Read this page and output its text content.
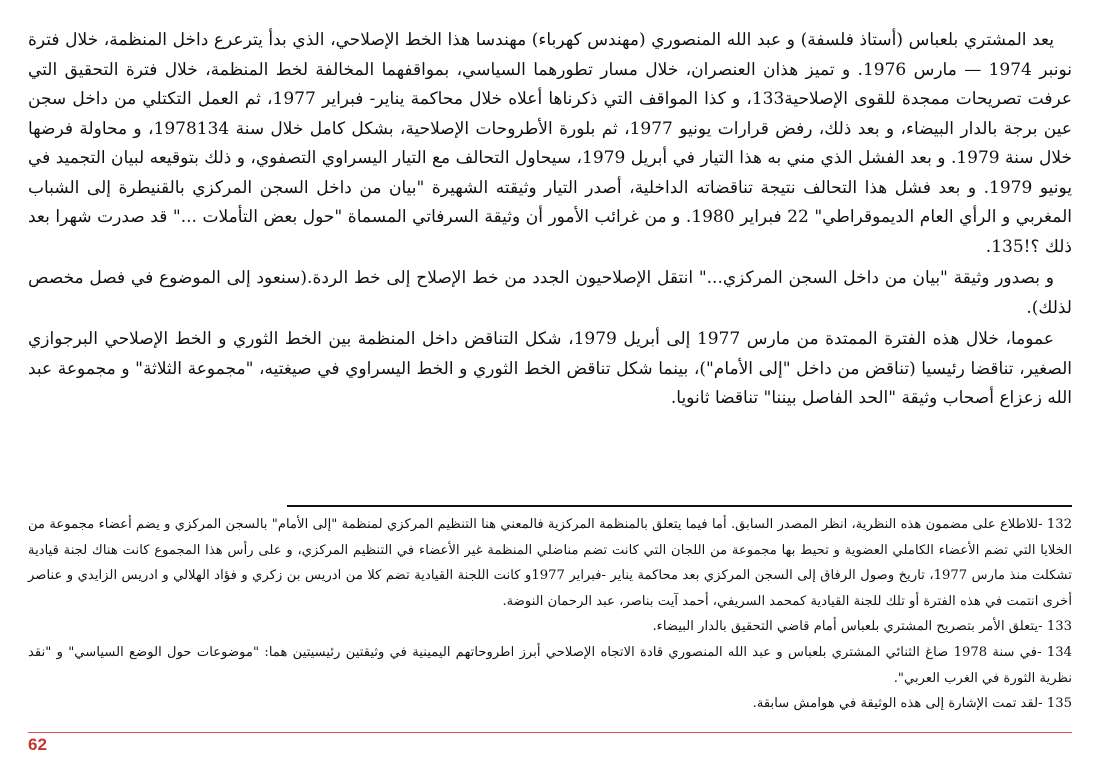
يعد المشتري بلعباس (أستاذ فلسفة) و عبد الله المنصوري (مهندس كهرباء) مهندسا هذا الخط الإصلاحي، الذي بدأ يترعرع داخل المنظمة، خلال فترة نونبر 1974 — مارس 1976. و تميز هذان العنصران، خلال مسار تطورهما السياسي، بمواقفهما المخالفة لخط المنظمة، خلال فترة التحقيق التي عرفت تصريحات ممجدة للقوى الإصلاحية133، و كذا المواقف التي ذكرناها أعلاه خلال محاكمة يناير- فبراير 1977، ثم العمل التكتلي من داخل سجن عين برجة بالدار البيضاء، و بعد ذلك، رفض قرارات يونيو 1977، ثم بلورة الأطروحات الإصلاحية، بشكل كامل خلال سنة 1978134، و محاولة فرضها خلال سنة 1979. و بعد الفشل الذي مني به هذا التيار في أبريل 1979، سيحاول التحالف مع التيار اليسراوي التصفوي، و ذلك بتوقيعه لبيان التجميد في يونيو 1979. و بعد فشل هذا التحالف نتيجة تناقضاته الداخلية، أصدر التيار وثيقته الشهيرة "بيان من داخل السجن المركزي بالقنيطرة إلى الشباب المغربي و الرأي العام الديموقراطي" 22 فبراير 1980. و من غرائب الأمور أن وثيقة السرفاتي المسماة "حول بعض التأملات ..." قد صدرت شهرا بعد ذلك ؟!135.

و بصدور وثيقة "بيان من داخل السجن المركزي..." انتقل الإصلاحيون الجدد من خط الإصلاح إلى خط الردة.(سنعود إلى الموضوع في فصل مخصص لذلك).

عموما، خلال هذه الفترة الممتدة من مارس 1977 إلى أبريل 1979، شكل التناقض داخل المنظمة بين الخط الثوري و الخط الإصلاحي البرجوازي الصغير، تناقضا رئيسيا (تناقض من داخل "إلى الأمام")، بينما شكل تناقض الخط الثوري و الخط اليسراوي في صيغتيه، "مجموعة الثلاثة" و مجموعة عبد الله زعزاع أصحاب وثيقة "الحد الفاصل بيننا" تناقضا ثانويا.

132 -للاطلاع على مضمون هذه النظرية، انظر المصدر السابق. أما فيما يتعلق بالمنظمة المركزية فالمعني هنا التنظيم المركزي لمنظمة "إلى الأمام" بالسجن المركزي و يضم أعضاء مجموعة من الخلايا التي تضم الأعضاء الكاملي العضوية و تحيط بها مجموعة من اللجان التي كانت تضم مناضلي المنظمة غير الأعضاء في التنظيم المركزي، و على رأس هذا المجموع كانت هناك لجنة قيادية تشكلت منذ مارس 1977، تاريخ وصول الرفاق إلى السجن المركزي بعد محاكمة يناير -فبراير 1977و كانت اللجنة القيادية تضم كلا من ادريس بن زكري و فؤاد الهلالي و ادريس الزايدي و عناصر أخرى انتمت في هذه الفترة أو تلك للجنة القيادية كمحمد السريفي، أحمد آيت بناصر، عبد الرحمان النوضة.

133 -يتعلق الأمر بتصريح المشتري بلعباس أمام قاضي التحقيق بالدار البيضاء.

134 -في سنة 1978 صاغ الثنائي المشتري بلعباس و عبد الله المنصوري قادة الاتجاه الإصلاحي أبرز اطروحاتهم اليمينية في وثيقتين رئيسيتين هما: "موضوعات حول الوضع السياسي" و "نقد نظرية الثورة في الغرب العربي".

135 -لقد تمت الإشارة إلى هذه الوثيقة في هوامش سابقة.

62
